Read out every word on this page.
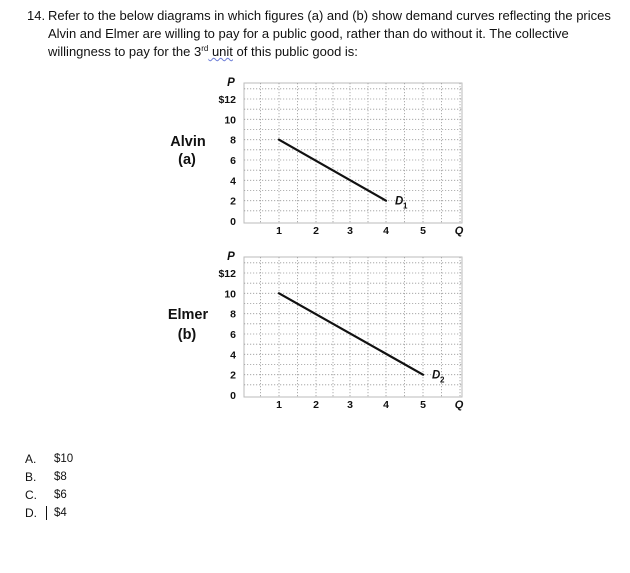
14. Refer to the below diagrams in which figures (a) and (b) show demand curves reflecting the prices Alvin and Elmer are willing to pay for a public good, rather than do without it. The collective willingness to pay for the 3rd unit of this public good is:
Alvin
(a)
P
0
2
4
6
8
10
$12
1	2	3	4	5	Q
D 1
Elmer
(b)
P
0
2
4
6
8
10
$12
1	2	3	4	5	Q
D 2
A. $10
B. $8
C. $6
D. $4
